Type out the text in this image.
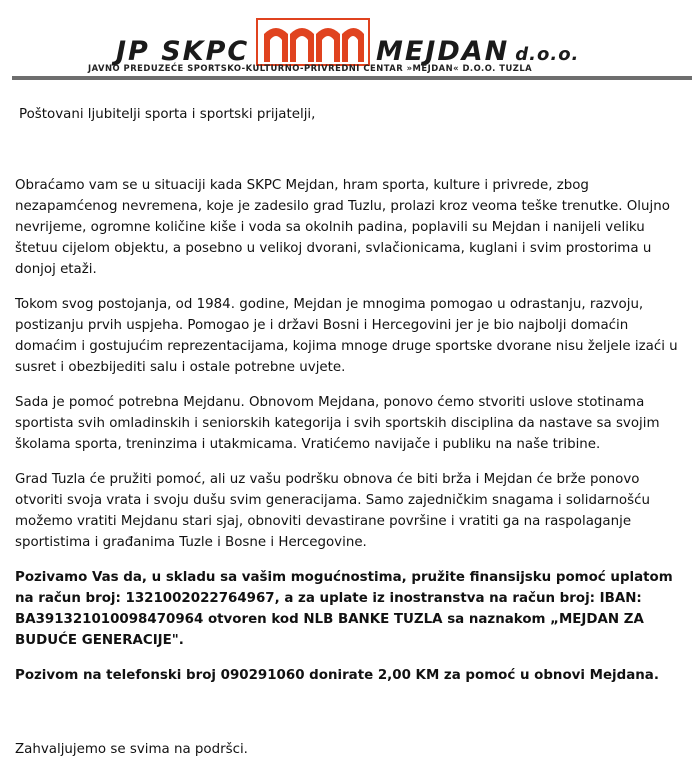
JP SKPC	MEJDAN d.o.o.
JAVNO PREDUZEĆE SPORTSKO-KULTURNO-PRIVREDNI CENTAR »MEJDAN« D.O.O. TUZLA

Poštovani ljubitelji sporta i sportski prijatelji,

Obraćamo vam se u situaciji kada SKPC Mejdan, hram sporta, kulture i privrede, zbog nezapamćenog nevremena, koje je zadesilo grad Tuzlu, prolazi kroz veoma teške trenutke. Olujno nevrijeme, ogromne količine kiše i voda sa okolnih padina, poplavili su Mejdan i nanijeli veliku štetuu cijelom objektu, a posebno u velikoj dvorani, svlačionicama, kuglani i svim prostorima u donjoj etaži.

Tokom svog postojanja, od 1984. godine, Mejdan je mnogima pomogao u odrastanju, razvoju, postizanju prvih uspjeha. Pomogao je i državi Bosni i Hercegovini jer je bio najbolji domaćin domaćim i gostujućim reprezentacijama, kojima mnoge druge sportske dvorane nisu željele izaći u susret i obezbijediti salu i ostale potrebne uvjete.

Sada je pomoć potrebna Mejdanu. Obnovom Mejdana, ponovo ćemo stvoriti uslove stotinama sportista svih omladinskih i seniorskih kategorija i svih sportskih disciplina da nastave sa svojim školama sporta, treninzima i utakmicama. Vratićemo navijače i publiku na naše tribine.

Grad Tuzla će pružiti pomoć, ali uz vašu podršku obnova će biti brža i Mejdan će brže ponovo otvoriti svoja vrata i svoju dušu svim generacijama. Samo zajedničkim snagama i solidarnošću možemo vratiti Mejdanu stari sjaj, obnoviti devastirane površine i vratiti ga na raspolaganje sportistima i građanima Tuzle i Bosne i Hercegovine.

Pozivamo Vas da, u skladu sa vašim mogućnostima, pružite finansijsku pomoć uplatom na račun broj: 1321002022764967, a za uplate iz inostranstva na račun broj: IBAN: BA391321010098470964 otvoren kod NLB BANKE TUZLA sa naznakom „MEJDAN ZA BUDUĆE GENERACIJE".

Pozivom na telefonski broj 090291060 donirate 2,00 KM za pomoć u obnovi Mejdana.

Zahvaljujemo se svima na podršci.
